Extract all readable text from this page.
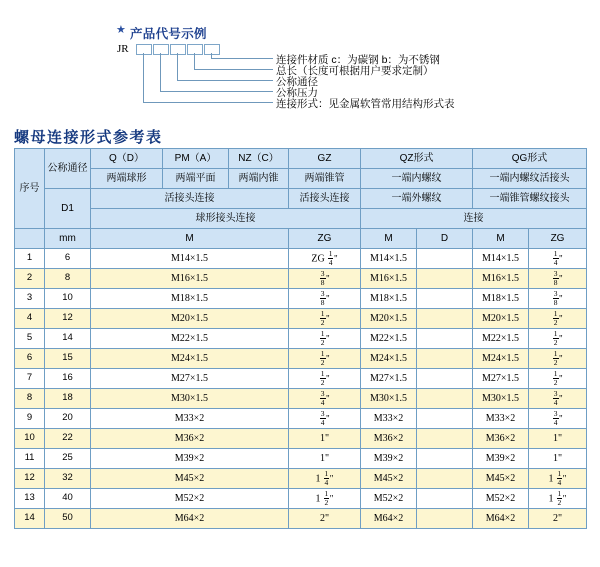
★ 产品代号示例
JR
连接件材质 c：为碳钢 b：为不锈钢
总长（长度可根据用户要求定制）
公称通径
公称压力
连接形式：见金属软管常用结构形式表
螺母连接形式参考表
序号	公称通径	Q（D）	PM（A）	NZ（C）	GZ	QZ形式		QG形式	
		两端球形	两端平面	两端内锥	两端锥管	一端内螺纹		一端内螺纹活接头	
	D1	活接头连接			活接头连接	一端外螺纹		一端锥管螺纹接头	
		球形接头连接				连接			
	mm	M			ZG	M	D	M	ZG
1	6	M14×1.5			ZG $\frac{1}{4}$ "	M14×1.5		M14×1.5	$\frac{1}{4}$ "
2	8	M16×1.5			$\frac{3}{8}$ "	M16×1.5		M16×1.5	$\frac{3}{8}$ "
3	10	M18×1.5			$\frac{3}{8}$ "	M18×1.5		M18×1.5	$\frac{3}{8}$ "
4	12	M20×1.5			$\frac{1}{2}$ "	M20×1.5		M20×1.5	$\frac{1}{2}$ "
5	14	M22×1.5			$\frac{1}{2}$ "	M22×1.5		M22×1.5	$\frac{1}{2}$ "
6	15	M24×1.5			$\frac{1}{2}$ "	M24×1.5		M24×1.5	$\frac{1}{2}$ "
7	16	M27×1.5			$\frac{1}{2}$ "	M27×1.5		M27×1.5	$\frac{1}{2}$ "
8	18	M30×1.5			$\frac{3}{4}$ "	M30×1.5		M30×1.5	$\frac{3}{4}$ "
9	20	M33×2			$\frac{3}{4}$ "	M33×2		M33×2	$\frac{3}{4}$ "
10	22	M36×2			1"	M36×2		M36×2	1"
11	25	M39×2			1"	M39×2		M39×2	1"
12	32	M45×2			$1 \frac{1}{4}$ "	M45×2		M45×2	$1 \frac{1}{4}$ "
13	40	M52×2			$1 \frac{1}{2}$ "	M52×2		M52×2	$1 \frac{1}{2}$ "
14	50	M64×2			2"	M64×2		M64×2	2"
